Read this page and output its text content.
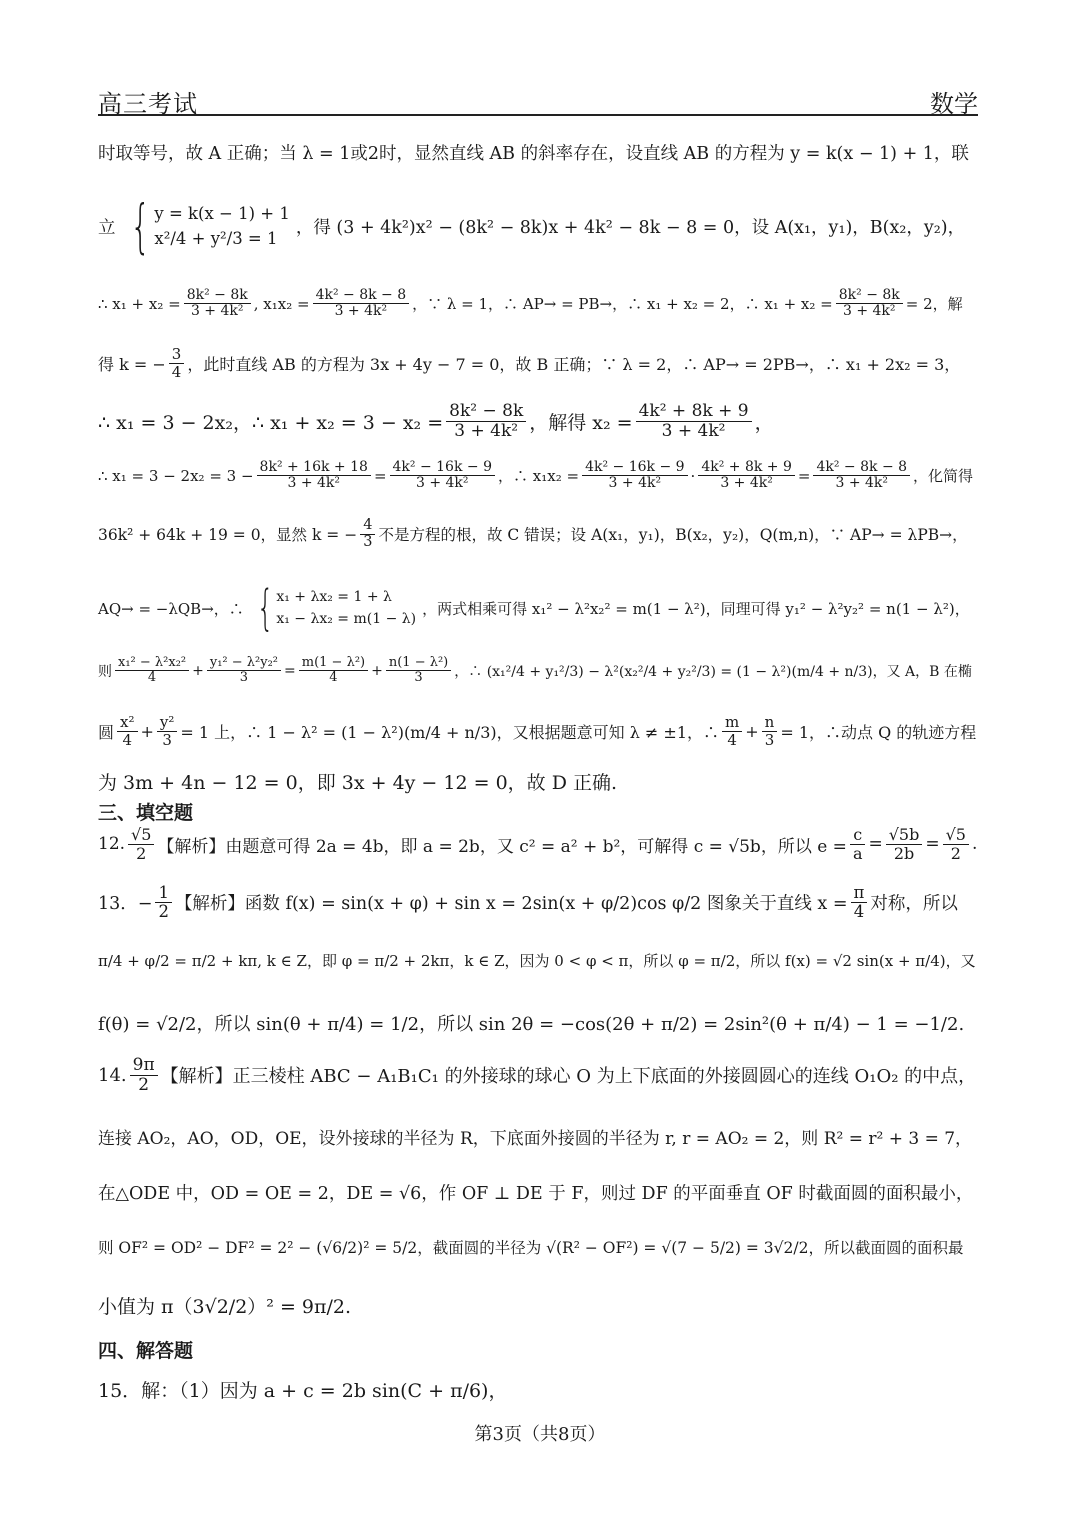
高三考试	数学
时取等号，故 A 正确；当 λ = 1或2时，显然直线 AB 的斜率存在，设直线 AB 的方程为 y = k(x − 1) + 1，联
立 { y = k(x − 1) + 1
x²/4 + y²/3 = 1
，得 (3 + 4k²)x² − (8k² − 8k)x + 4k² − 8k − 8 = 0，设 A(x₁，y₁)，B(x₂，y₂)，
∴ $x_1 + x_2 = \frac{\text{8k² − 8k}}{\text{3 + 4k²}}$ , $x_1x_2 = \frac{\text{4k² − 8k − 8}}{\text{3 + 4k²}}$ ，∵ λ = 1，∴ AP→ = PB→，∴ x₁ + x₂ = 2，∴ $x_1 + x_2 = \frac{\text{8k² − 8k}}{\text{3 + 4k²}} = 2$，解
得 k = − $\frac{3}{4}$ ，此时直线 AB 的方程为 3x + 4y − 7 = 0，故 B 正确；∵ λ = 2，∴ AP→ = 2PB→，∴ x₁ + 2x₂ = 3，
∴ x₁ = 3 − 2x₂，∴ $x_1 + x_2 = 3 - x_2 = \frac{\text{8k² − 8k}}{\text{3 + 4k²}}$ ，解得 $x_2 = \frac{\text{4k² + 8k + 9}}{\text{3 + 4k²}}$ ，
∴ $x_1 = 3 - 2x_2 = 3 - \frac{\text{8k² + 16k + 18}}{\text{3 + 4k²}} = \frac{\text{4k² − 16k − 9}}{\text{3 + 4k²}}$ ，∴ $x_1x_2 = \frac{\text{4k² − 16k − 9}}{\text{3 + 4k²}} \cdot \frac{\text{4k² + 8k + 9}}{\text{3 + 4k²}} = \frac{\text{4k² − 8k − 8}}{\text{3 + 4k²}}$ ，化简得
36k² + 64k + 19 = 0，显然 k = − $\frac{4}{3}$ 不是方程的根，故 C 错误；设 A(x₁，y₁)，B(x₂，y₂)，Q(m,n)，∵ AP→ = λPB→，
AQ→ = −λQB→，∴ { x₁ + λx₂ = 1 + λ
x₁ − λx₂ = m(1 − λ)
，两式相乘可得 x₁² − λ²x₂² = m(1 − λ²)，同理可得 y₁² − λ²y₂² = n(1 − λ²)，
则 $\frac{\text{x₁² − λ²x₂²}}{4} + \frac{\text{y₁² − λ²y₂²}}{3} = \frac{\text{m(1 − λ²)}}{4} + \frac{\text{n(1 − λ²)}}{3}$ ，∴ (x₁²/4 + y₁²/3) − λ²(x₂²/4 + y₂²/3) = (1 − λ²)(m/4 + n/3)，又 A，B 在椭
圆 $\frac{\text{x²}}{4} + \frac{\text{y²}}{3} = 1$ 上，∴ 1 − λ² = (1 − λ²)(m/4 + n/3)，又根据题意可知 λ ≠ ±1，∴ $\frac{m}{4} + \frac{n}{3} = 1$，∴动点 Q 的轨迹方程
为 3m + 4n − 12 = 0，即 3x + 4y − 12 = 0，故 D 正确.
三、填空题
12. $\frac{√5}{2}$ 【解析】由题意可得 2a = 4b，即 a = 2b，又 c² = a² + b²，可解得 c = √5b，所以 $e = \frac{c}{a} = \frac{√5b}{2b} = \frac{√5}{2}$ .
13．− $\frac{1}{2}$ 【解析】函数 f(x) = sin(x + φ) + sin x = 2sin(x + φ/2)cos φ/2 图象关于直线 $x = \frac{\pi}{4}$ 对称，所以
π/4 + φ/2 = π/2 + kπ, k ∈ Z，即 φ = π/2 + 2kπ，k ∈ Z，因为 0 < φ < π，所以 φ = π/2，所以 f(x) = √2 sin(x + π/4)，又
f(θ) = √2/2，所以 sin(θ + π/4) = 1/2，所以 sin 2θ = −cos(2θ + π/2) = 2sin²(θ + π/4) − 1 = −1/2.
14. $\frac{9\pi}{2}$ 【解析】正三棱柱 ABC − A₁B₁C₁ 的外接球的球心 O 为上下底面的外接圆圆心的连线 O₁O₂ 的中点，
连接 AO₂，AO，OD，OE，设外接球的半径为 R，下底面外接圆的半径为 r, r = AO₂ = 2，则 R² = r² + 3 = 7，
在△ODE 中，OD = OE = 2，DE = √6，作 OF ⊥ DE 于 F，则过 DF 的平面垂直 OF 时截面圆的面积最小，
则 OF² = OD² − DF² = 2² − (√6/2)² = 5/2，截面圆的半径为 √(R² − OF²) = √(7 − 5/2) = 3√2/2，所以截面圆的面积最
小值为 π（3√2/2）² = 9π/2.
四、解答题
15．解：（1）因为 a + c = 2b sin(C + π/6)，
第3页（共8页）
